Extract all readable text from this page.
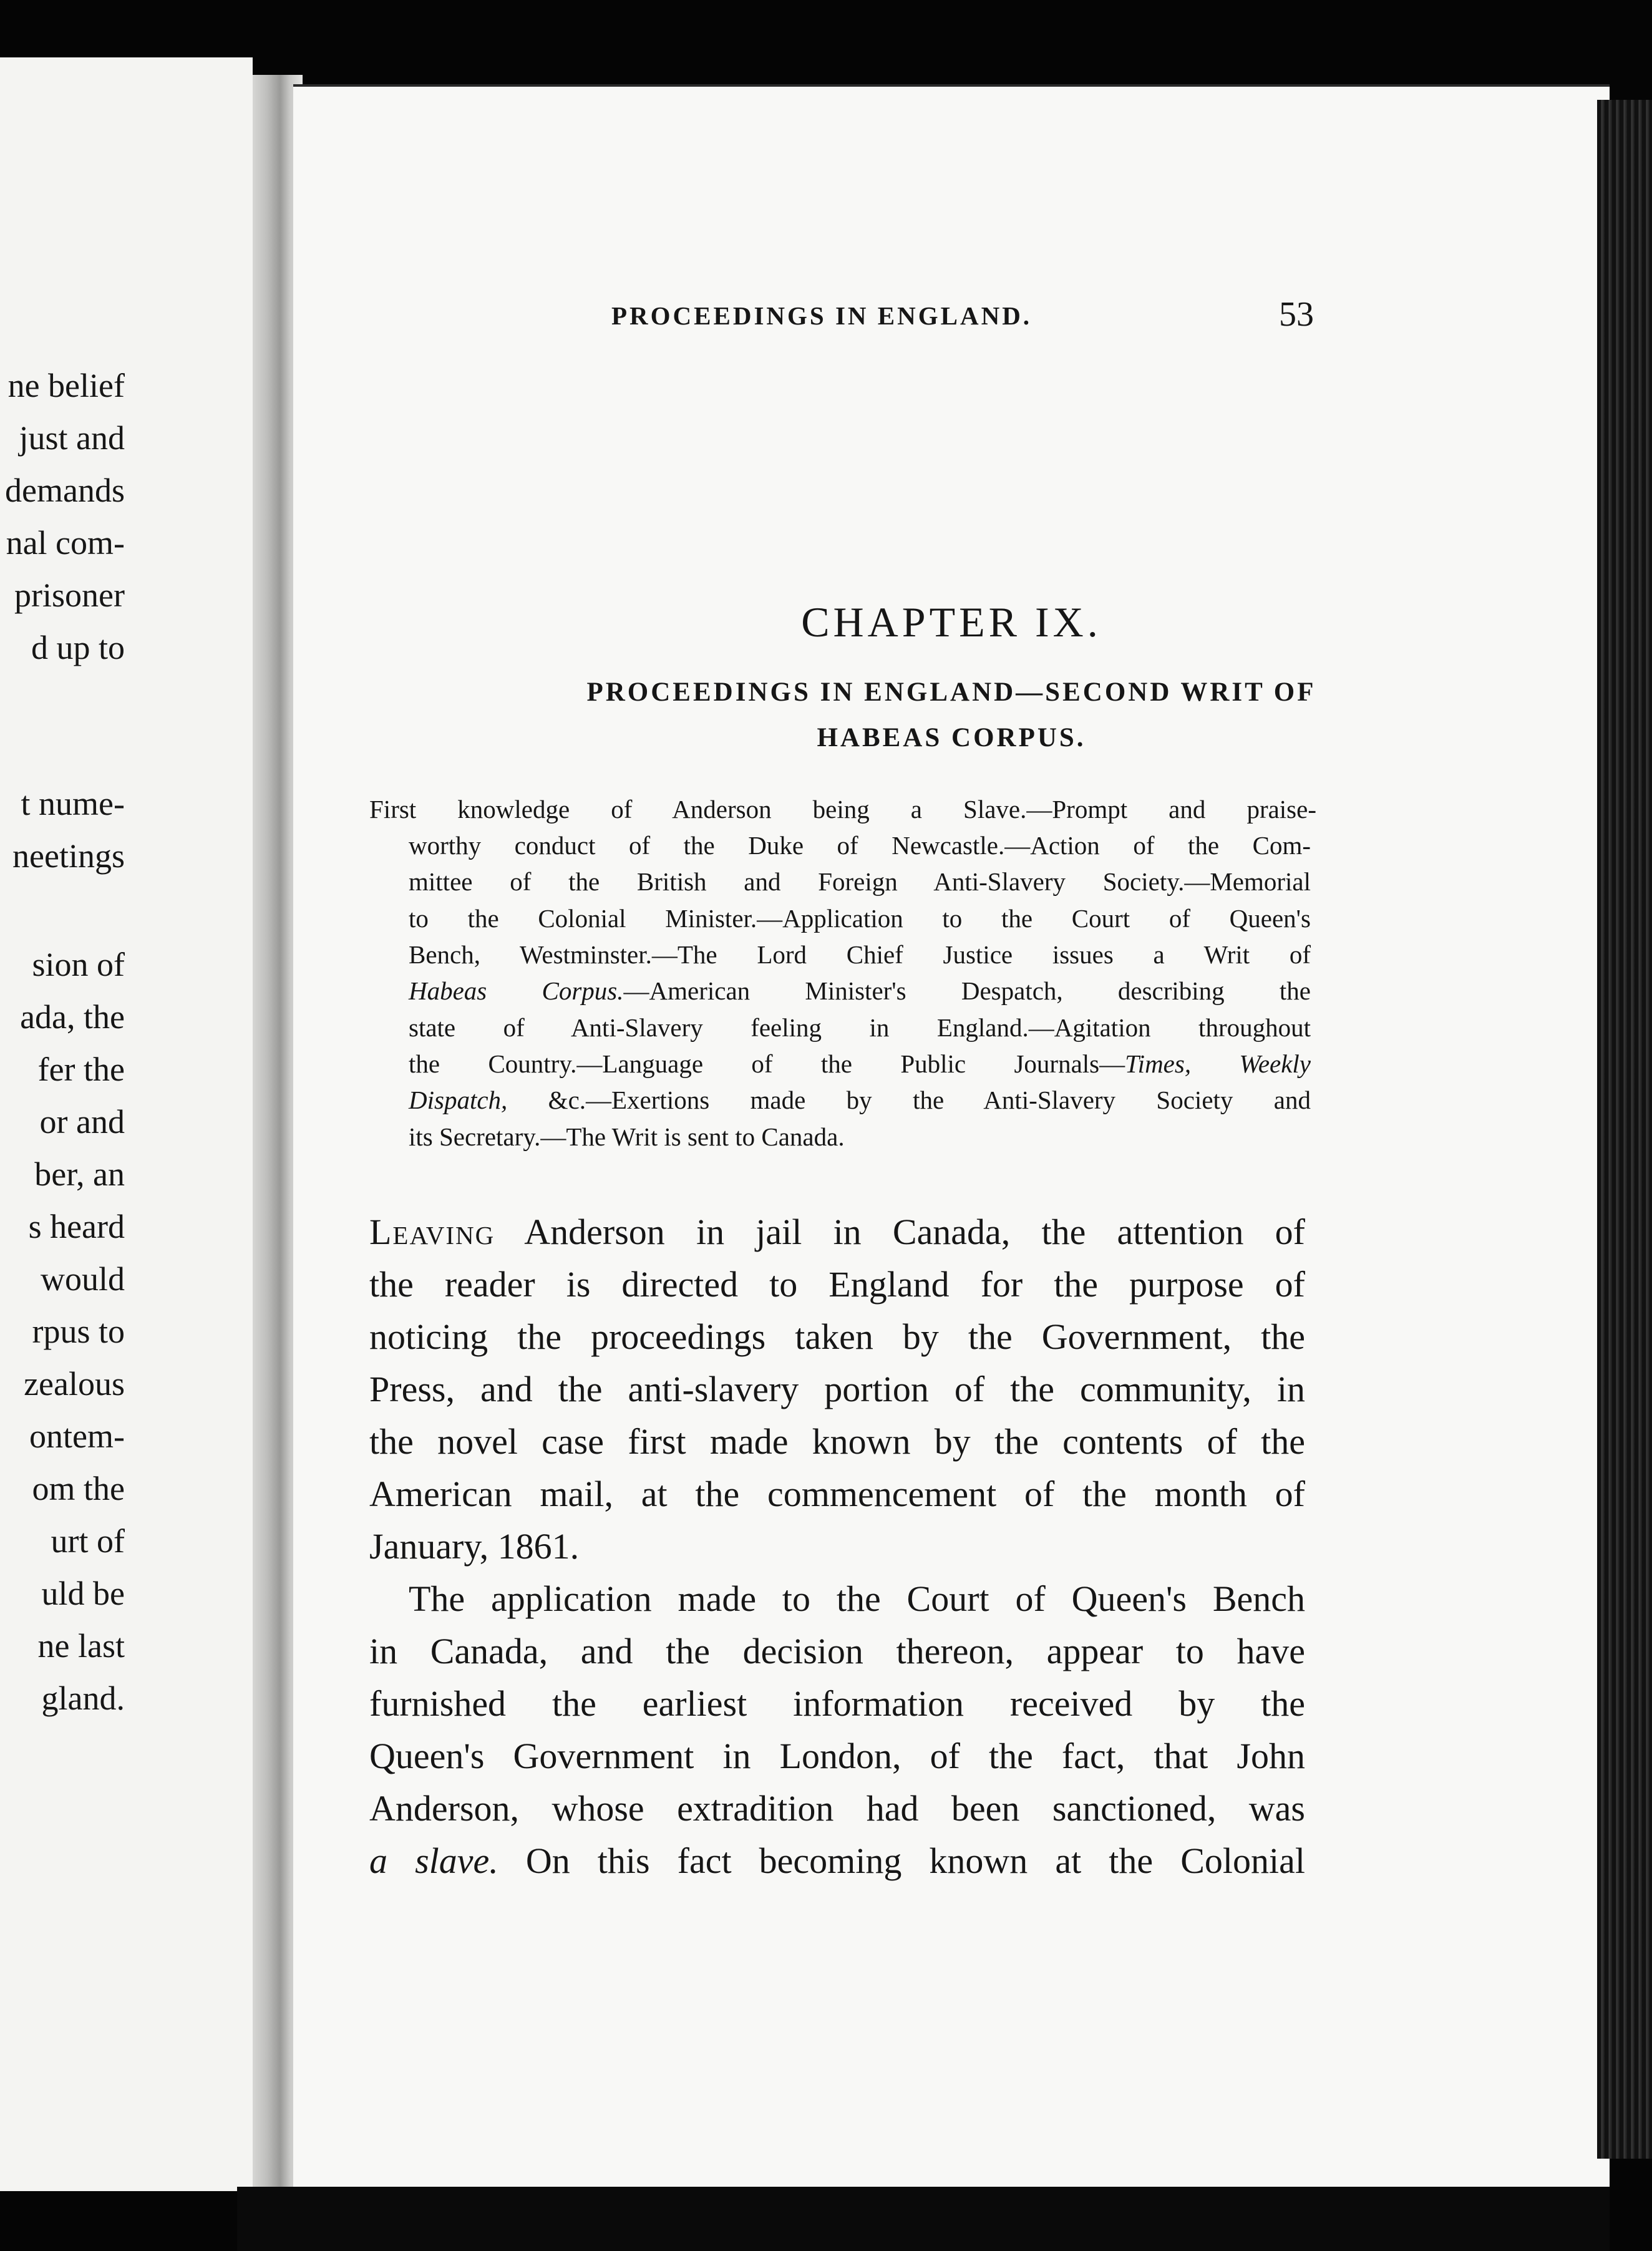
ne belief
just and
demands
nal com-
prisoner
d up to
t nume-
neetings
sion of
ada, the
fer the
or and
ber, an
s heard
would
rpus to
zealous
ontem-
om the
urt of
uld be
ne last
gland.
PROCEEDINGS IN ENGLAND.	53
CHAPTER IX.
PROCEEDINGS IN ENGLAND—SECOND WRIT OF
HABEAS CORPUS.
First knowledge of Anderson being a Slave.—Prompt and praise-
worthy conduct of the Duke of Newcastle.—Action of the Com-
mittee of the British and Foreign Anti-Slavery Society.—Memorial
to the Colonial Minister.—Application to the Court of Queen's
Bench, Westminster.—The Lord Chief Justice issues a Writ of
Habeas Corpus.—American Minister's Despatch, describing the
state of Anti-Slavery feeling in England.—Agitation throughout
the Country.—Language of the Public Journals—Times, Weekly
Dispatch, &c.—Exertions made by the Anti-Slavery Society and
its Secretary.—The Writ is sent to Canada.
Leaving Anderson in jail in Canada, the attention of
the reader is directed to England for the purpose of
noticing the proceedings taken by the Government, the
Press, and the anti-slavery portion of the community, in
the novel case first made known by the contents of the
American mail, at the commencement of the month of
January, 1861.
The application made to the Court of Queen's Bench
in Canada, and the decision thereon, appear to have
furnished the earliest information received by the
Queen's Government in London, of the fact, that John
Anderson, whose extradition had been sanctioned, was
a slave. On this fact becoming known at the Colonial
